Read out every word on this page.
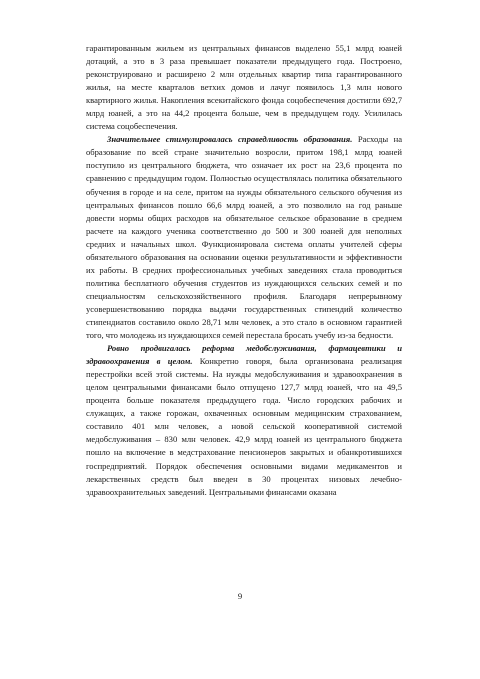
гарантированным жильем из центральных финансов выделено 55,1 млрд юаней дотаций, а это в 3 раза превышает показатели предыдущего года. Построено, реконструировано и расширено 2 млн отдельных квартир типа гарантированного жилья, на месте кварталов ветхих домов и лачуг появилось 1,3 млн нового квартирного жилья. Накопления всекитайского фонда соцобеспечения достигли 692,7 млрд юаней, а это на 44,2 процента больше, чем в предыдущем году. Усилилась система соцобеспечения.

Значительнее стимулировалась справедливость образования. Расходы на образование по всей стране значительно возросли, притом 198,1 млрд юаней поступило из центрального бюджета, что означает их рост на 23,6 процента по сравнению с предыдущим годом. Полностью осуществлялась политика обязательного обучения в городе и на селе, притом на нужды обязательного сельского обучения из центральных финансов пошло 66,6 млрд юаней, а это позволило на год раньше довести нормы общих расходов на обязательное сельское образование в среднем расчете на каждого ученика соответственно до 500 и 300 юаней для неполных средних и начальных школ. Функционировала система оплаты учителей сферы обязательного образования на основании оценки результативности и эффективности их работы. В средних профессиональных учебных заведениях стала проводиться политика бесплатного обучения студентов из нуждающихся сельских семей и по специальностям сельскохозяйственного профиля. Благодаря непрерывному усовершенствованию порядка выдачи государственных стипендий количество стипендиатов составило около 28,71 млн человек, а это стало в основном гарантией того, что молодежь из нуждающихся семей перестала бросать учебу из-за бедности.

Ровно продвигалась реформа медобслуживания, фармацевтики и здравоохранения в целом. Конкретно говоря, была организована реализация перестройки всей этой системы. На нужды медобслуживания и здравоохранения в целом центральными финансами было отпущено 127,7 млрд юаней, что на 49,5 процента больше показателя предыдущего года. Число городских рабочих и служащих, а также горожан, охваченных основным медицинским страхованием, составило 401 млн человек, а новой сельской кооперативной системой медобслуживания – 830 млн человек. 42,9 млрд юаней из центрального бюджета пошло на включение в медстрахование пенсионеров закрытых и обанкротившихся госпредприятий. Порядок обеспечения основными видами медикаментов и лекарственных средств был введен в 30 процентах низовых лечебно-здравоохранительных заведений. Центральными финансами оказана

9
